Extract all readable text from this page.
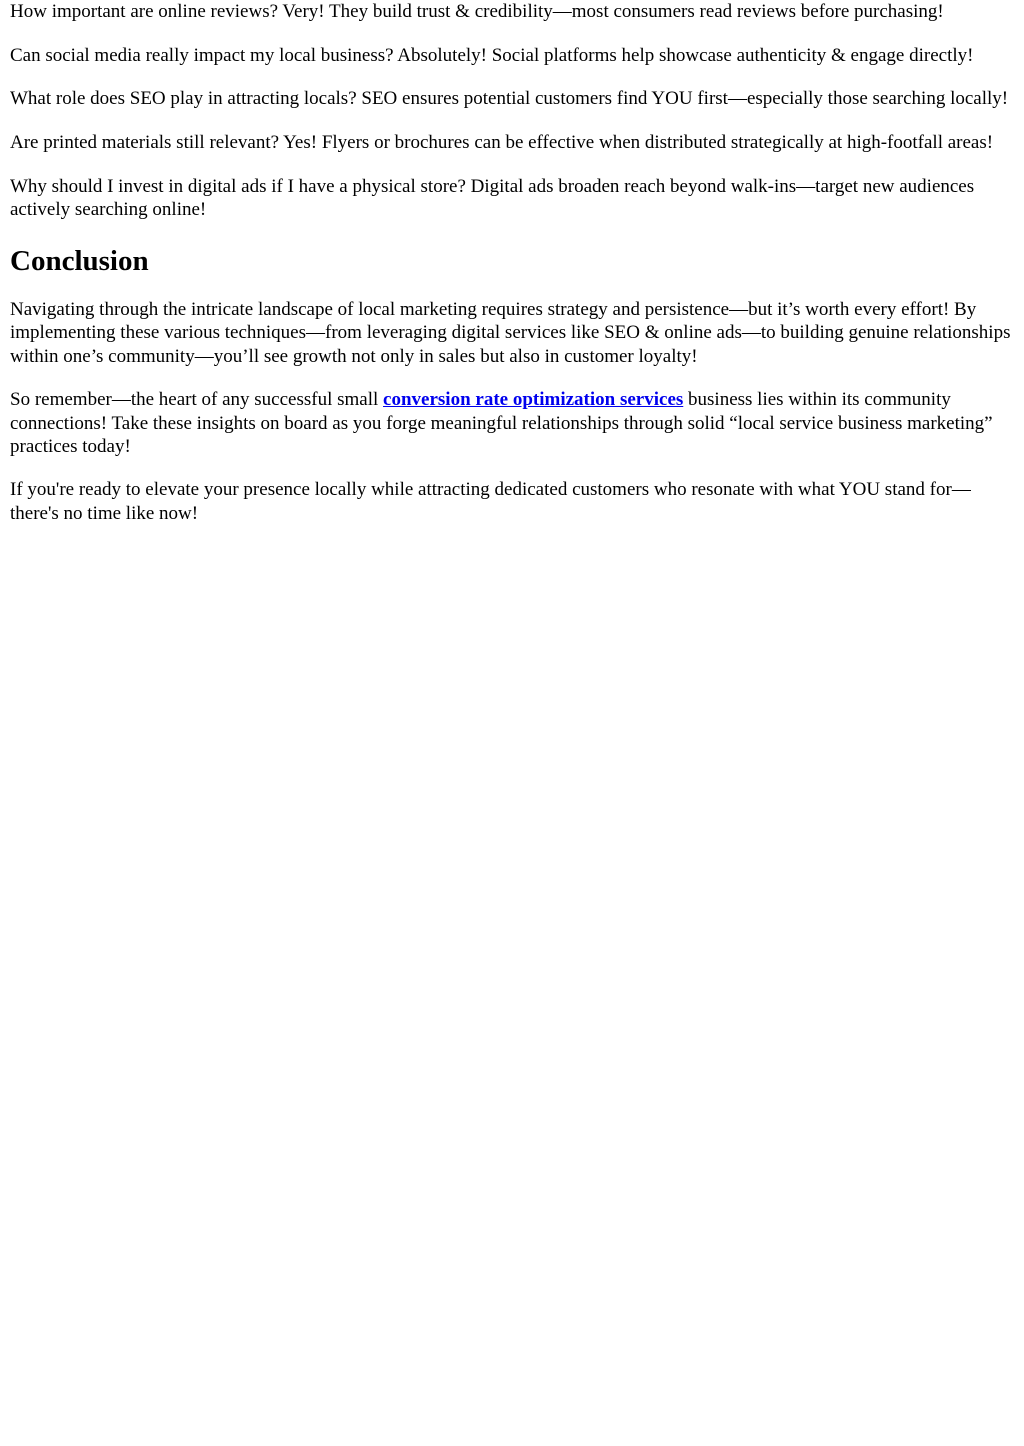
How important are online reviews? Very! They build trust & credibility—most consumers read reviews before purchasing!

Can social media really impact my local business? Absolutely! Social platforms help showcase authenticity & engage directly!

What role does SEO play in attracting locals? SEO ensures potential customers find YOU first—especially those searching locally!

Are printed materials still relevant? Yes! Flyers or brochures can be effective when distributed strategically at high-footfall areas!

Why should I invest in digital ads if I have a physical store? Digital ads broaden reach beyond walk-ins—target new audiences actively searching online!

Conclusion

Navigating through the intricate landscape of local marketing requires strategy and persistence—but it’s worth every effort! By implementing these various techniques—from leveraging digital services like SEO & online ads—to building genuine relationships within one’s community—you’ll see growth not only in sales but also in customer loyalty!

So remember—the heart of any successful small conversion rate optimization services business lies within its community connections! Take these insights on board as you forge meaningful relationships through solid “local service business marketing” practices today!

If you're ready to elevate your presence locally while attracting dedicated customers who resonate with what YOU stand for—there's no time like now!
